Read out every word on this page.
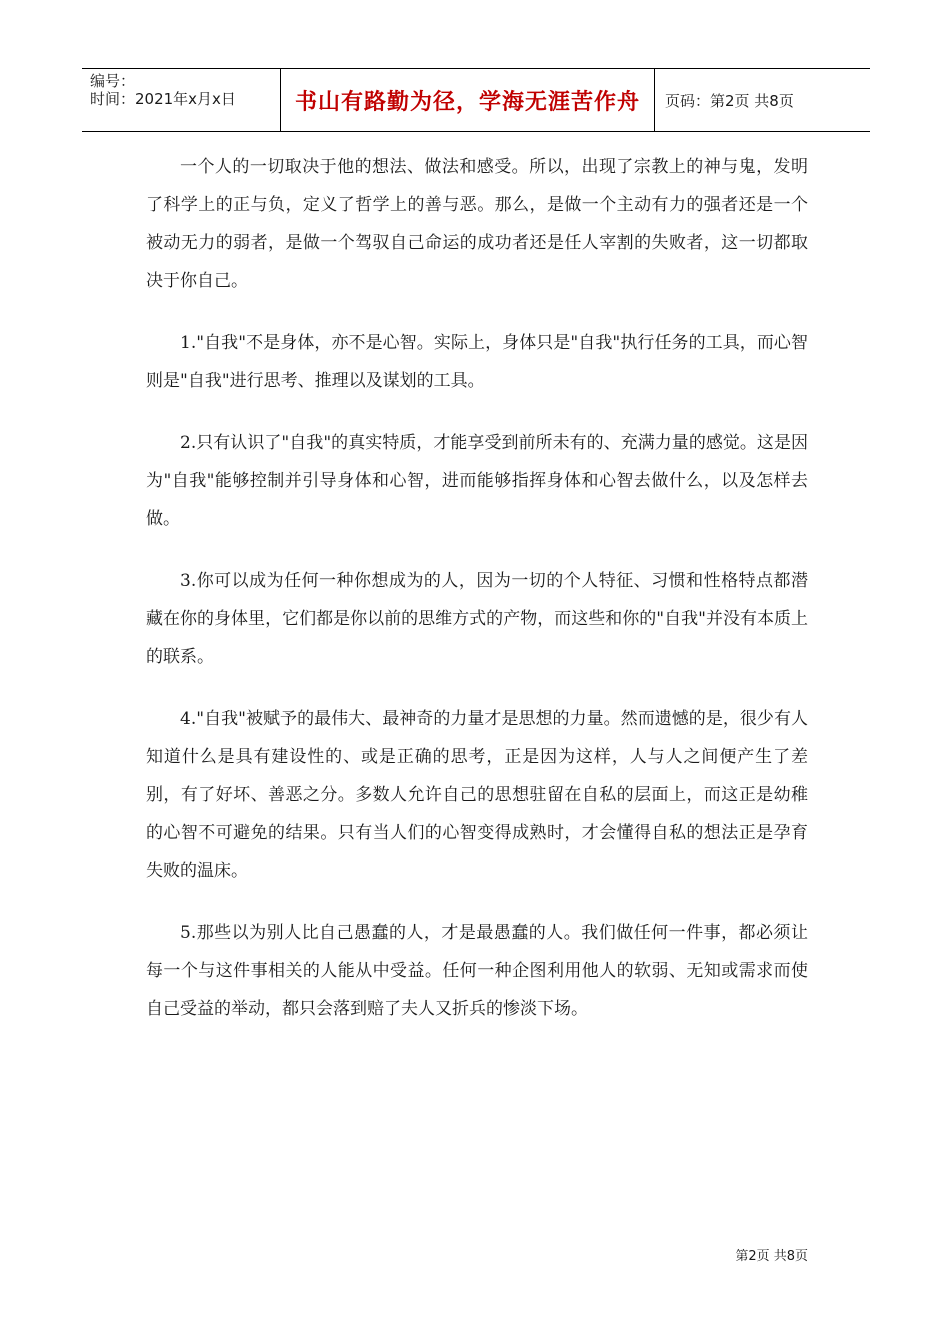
编号：
时间：2021年x月x日	书山有路勤为径，学海无涯苦作舟	页码：第2页 共8页

一个人的一切取决于他的想法、做法和感受。所以，出现了宗教上的神与鬼，发明了科学上的正与负，定义了哲学上的善与恶。那么，是做一个主动有力的强者还是一个被动无力的弱者，是做一个驾驭自己命运的成功者还是任人宰割的失败者，这一切都取决于你自己。

1."自我"不是身体，亦不是心智。实际上，身体只是"自我"执行任务的工具，而心智则是"自我"进行思考、推理以及谋划的工具。

2.只有认识了"自我"的真实特质，才能享受到前所未有的、充满力量的感觉。这是因为"自我"能够控制并引导身体和心智，进而能够指挥身体和心智去做什么，以及怎样去做。

3.你可以成为任何一种你想成为的人，因为一切的个人特征、习惯和性格特点都潜藏在你的身体里，它们都是你以前的思维方式的产物，而这些和你的"自我"并没有本质上的联系。

4."自我"被赋予的最伟大、最神奇的力量才是思想的力量。然而遗憾的是，很少有人知道什么是具有建设性的、或是正确的思考，正是因为这样，人与人之间便产生了差别，有了好坏、善恶之分。多数人允许自己的思想驻留在自私的层面上，而这正是幼稚的心智不可避免的结果。只有当人们的心智变得成熟时，才会懂得自私的想法正是孕育失败的温床。

5.那些以为别人比自己愚蠢的人，才是最愚蠢的人。我们做任何一件事，都必须让每一个与这件事相关的人能从中受益。任何一种企图利用他人的软弱、无知或需求而使自己受益的举动，都只会落到赔了夫人又折兵的惨淡下场。

第2页 共8页
